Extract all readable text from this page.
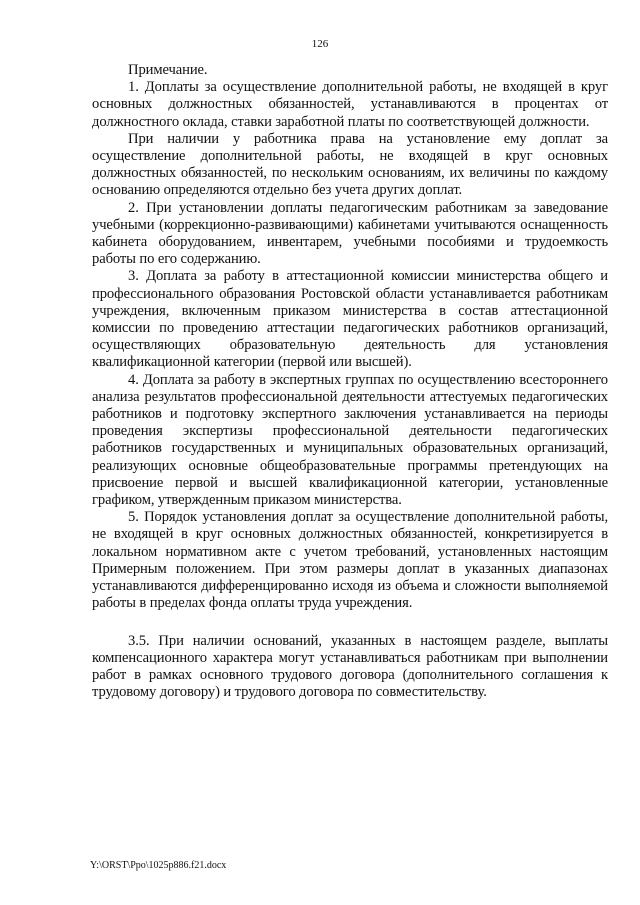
126

Примечание.

1. Доплаты за осуществление дополнительной работы, не входящей в круг основных должностных обязанностей, устанавливаются в процентах от должностного оклада, ставки заработной платы по соответствующей должности.

При наличии у работника права на установление ему доплат за осуществление дополнительной работы, не входящей в круг основных должностных обязанностей, по нескольким основаниям, их величины по каждому основанию определяются отдельно без учета других доплат.

2. При установлении доплаты педагогическим работникам за заведование учебными (коррекционно-развивающими) кабинетами учитываются оснащенность кабинета оборудованием, инвентарем, учебными пособиями и трудоемкость работы по его содержанию.

3. Доплата за работу в аттестационной комиссии министерства общего и профессионального образования Ростовской области устанавливается работникам учреждения, включенным приказом министерства в состав аттестационной комиссии по проведению аттестации педагогических работников организаций, осуществляющих образовательную деятельность для установления квалификационной категории (первой или высшей).

4. Доплата за работу в экспертных группах по осуществлению всестороннего анализа результатов профессиональной деятельности аттестуемых педагогических работников и подготовку экспертного заключения устанавливается на периоды проведения экспертизы профессиональной деятельности педагогических работников государственных и муниципальных образовательных организаций, реализующих основные общеобразовательные программы претендующих на присвоение первой и высшей квалификационной категории, установленные графиком, утвержденным приказом министерства.

5. Порядок установления доплат за осуществление дополнительной работы, не входящей в круг основных должностных обязанностей, конкретизируется в локальном нормативном акте с учетом требований, установленных настоящим Примерным положением. При этом размеры доплат в указанных диапазонах устанавливаются дифференцированно исходя из объема и сложности выполняемой работы в пределах фонда оплаты труда учреждения.

3.5. При наличии оснований, указанных в настоящем разделе, выплаты компенсационного характера могут устанавливаться работникам при выполнении работ в рамках основного трудового договора (дополнительного соглашения к трудовому договору) и трудового договора по совместительству.

Y:\ORST\Ppo\1025p886.f21.docx
